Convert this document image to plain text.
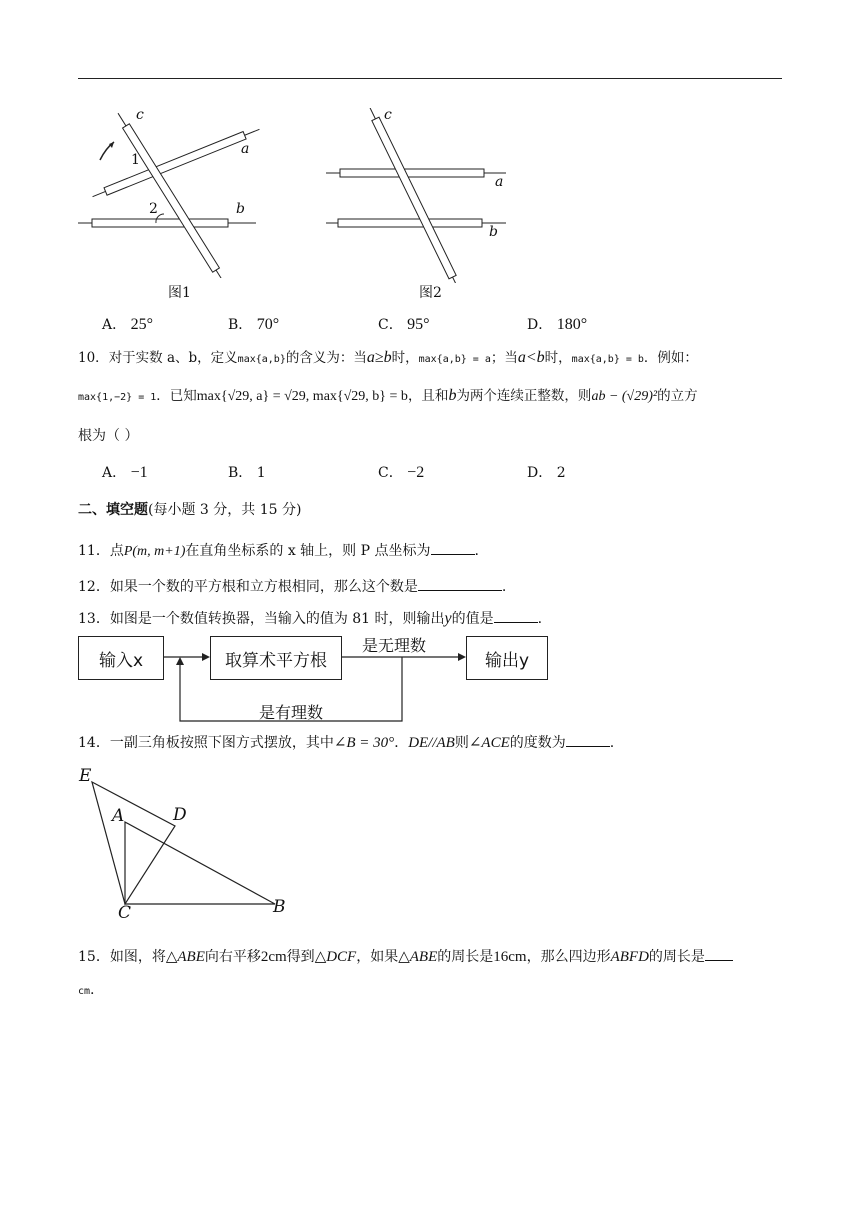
c
a
b
1
2
图1
c
a
b
图2
A． 25°	B． 70°	C． 95°	D． 180°
10．对于实数 a、b，定义max{a,b}的含义为：当a≥b时，max{a,b} = a；当a<b时，max{a,b} = b．例如：
max{1,−2} = 1．已知max{√29, a} = √29, max{√29, b} = b，且和b为两个连续正整数，则ab − (√29)²的立方
根为（ ）
A． −1	B． 1	C． −2	D． 2
二、填空题(每小题 3 分，共 15 分)
11．点P(m, m+1)在直角坐标系的 x 轴上，则 P 点坐标为	.
12．如果一个数的平方根和立方根相同，那么这个数是	.
13．如图是一个数值转换器，当输入的值为 81 时，则输出y的值是	.
输入x	取算术平方根	输出y
是无理数
是有理数
14．一副三角板按照下图方式摆放，其中∠B = 30°．DE//AB则∠ACE的度数为	.
E
A	D
C	B
15．如图，将△ABE向右平移2cm得到△DCF，如果△ABE的周长是16cm，那么四边形ABFD的周长是
cm.
